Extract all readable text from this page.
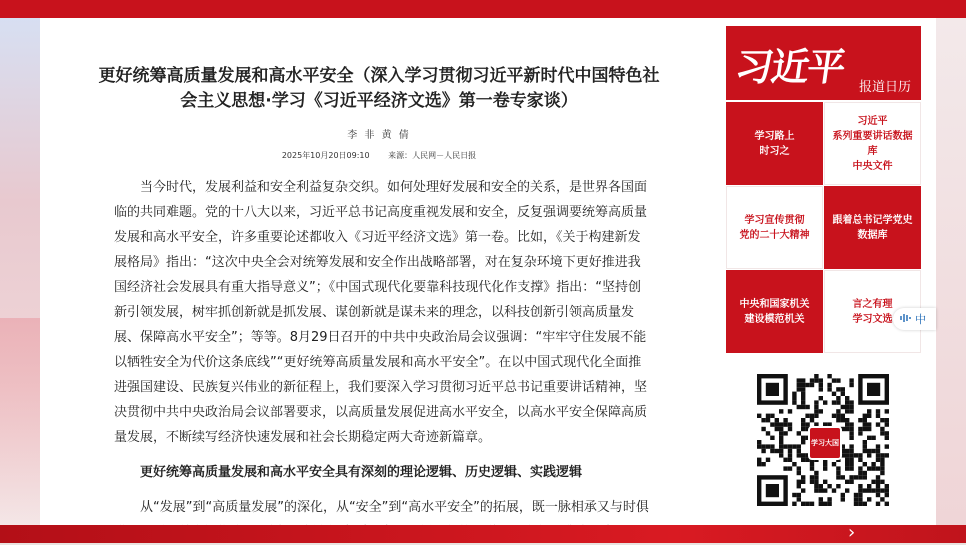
更好统筹高质量发展和高水平安全（深入学习贯彻习近平新时代中国特色社会主义思想·学习《习近平经济文选》第一卷专家谈）
李 非 黄 倩
2025年10月20日09:10 来源：人民网－人民日报

当今时代，发展利益和安全利益复杂交织。如何处理好发展和安全的关系，是世界各国面临的共同难题。党的十八大以来，习近平总书记高度重视发展和安全，反复强调要统筹高质量发展和高水平安全，许多重要论述都收入《习近平经济文选》第一卷。比如，《关于构建新发展格局》指出：“这次中央全会对统筹发展和安全作出战略部署，对在复杂环境下更好推进我国经济社会发展具有重大指导意义”；《中国式现代化要靠科技现代化作支撑》指出：“坚持创新引领发展，树牢抓创新就是抓发展、谋创新就是谋未来的理念，以科技创新引领高质量发展、保障高水平安全”；等等。8月29日召开的中共中央政治局会议强调：“牢牢守住发展不能以牺牲安全为代价这条底线”“更好统筹高质量发展和高水平安全”。在以中国式现代化全面推进强国建设、民族复兴伟业的新征程上，我们要深入学习贯彻习近平总书记重要讲话精神，坚决贯彻中共中央政治局会议部署要求，以高质量发展促进高水平安全，以高水平安全保障高质量发展，不断续写经济快速发展和社会长期稳定两大奇迹新篇章。

更好统筹高质量发展和高水平安全具有深刻的理论逻辑、历史逻辑、实践逻辑

从“发展”到“高质量发展”的深化，从“安全”到“高水平安全”的拓展，既一脉相承又与时俱

习近平 报道日历
学习路上
时习之
习近平
系列重要讲话数据库
中央文件
学习宣传贯彻
党的二十大精神
跟着总书记学党史
数据库
中央和国家机关
建设模范机关
言之有理
学习文选	中
学习大国
›
